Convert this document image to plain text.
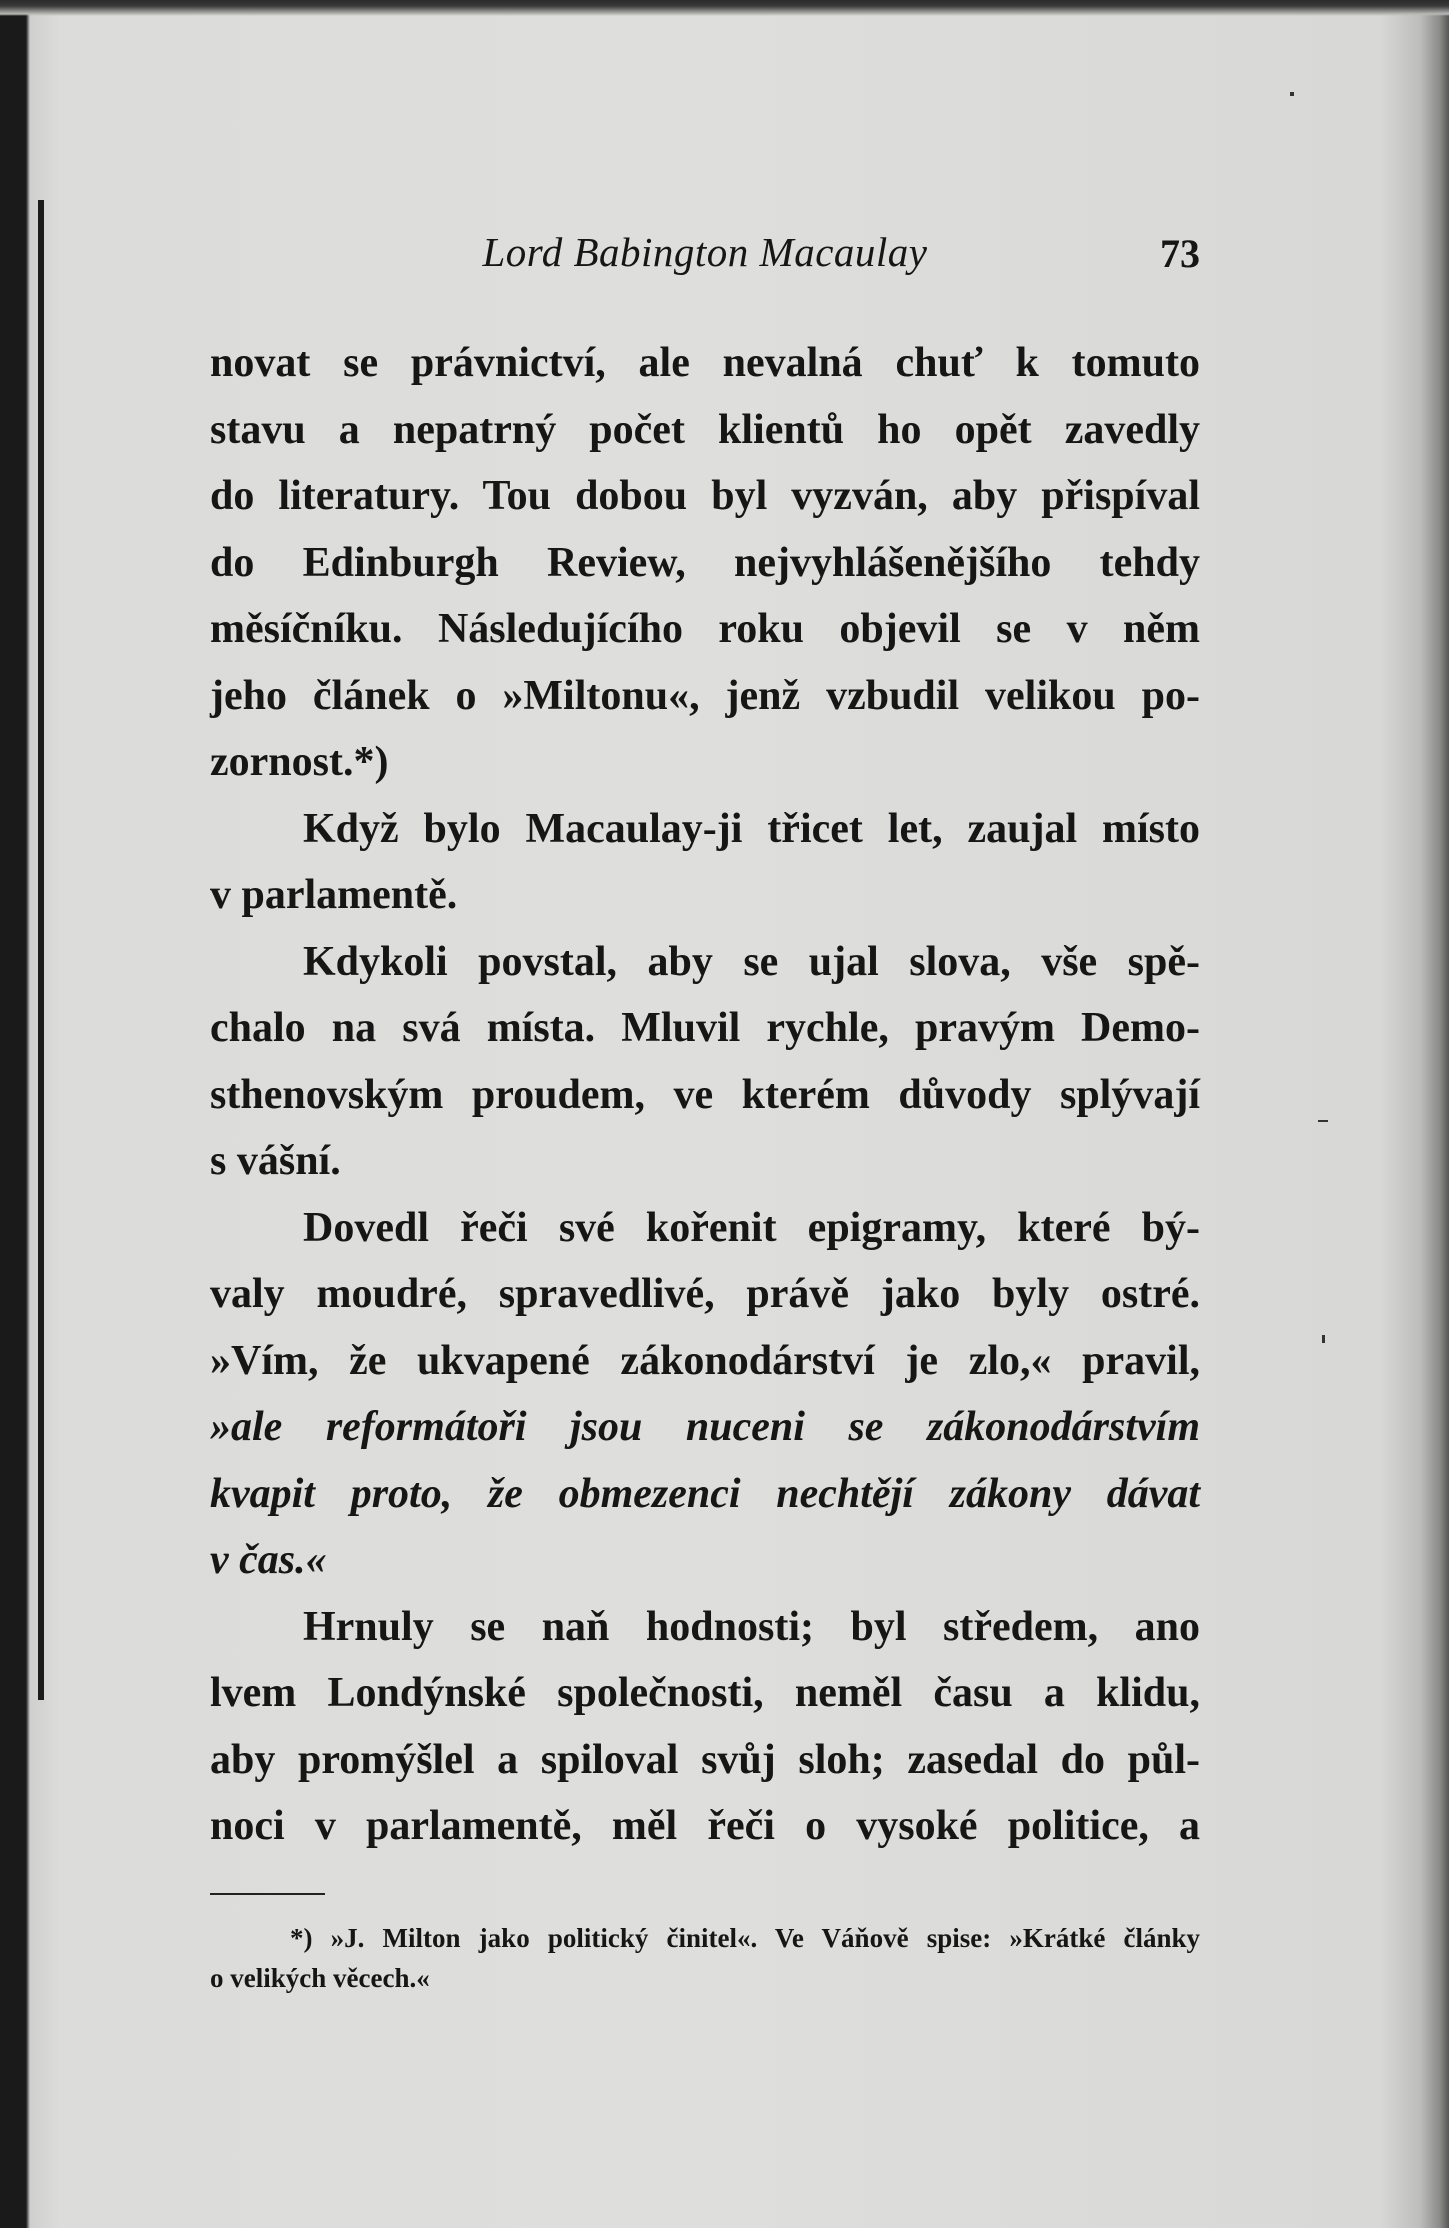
Lord Babington Macaulay	73
novat se právnictví, ale nevalná chuť k tomuto
stavu a nepatrný počet klientů ho opět zavedly
do literatury. Tou dobou byl vyzván, aby přispíval
do Edinburgh Review, nejvyhlášenějšího tehdy
měsíčníku. Následujícího roku objevil se v něm
jeho článek o »Miltonu«, jenž vzbudil velikou po-
zornost.*)
Když bylo Macaulay-ji třicet let, zaujal místo
v parlamentě.
Kdykoli povstal, aby se ujal slova, vše spě-
chalo na svá místa. Mluvil rychle, pravým Demo-
sthenovským proudem, ve kterém důvody splývají
s vášní.
Dovedl řeči své kořenit epigramy, které bý-
valy moudré, spravedlivé, právě jako byly ostré.
»Vím, že ukvapené zákonodárství je zlo,« pravil,
»ale reformátoři jsou nuceni se zákonodárstvím
kvapit proto, že obmezenci nechtějí zákony dávat
v čas.«
Hrnuly se naň hodnosti; byl středem, ano
lvem Londýnské společnosti, neměl času a klidu,
aby promýšlel a spiloval svůj sloh; zasedal do půl-
noci v parlamentě, měl řeči o vysoké politice, a
*) »J. Milton jako politický činitel«. Ve Váňově spise: »Krátké články
o velikých věcech.«
